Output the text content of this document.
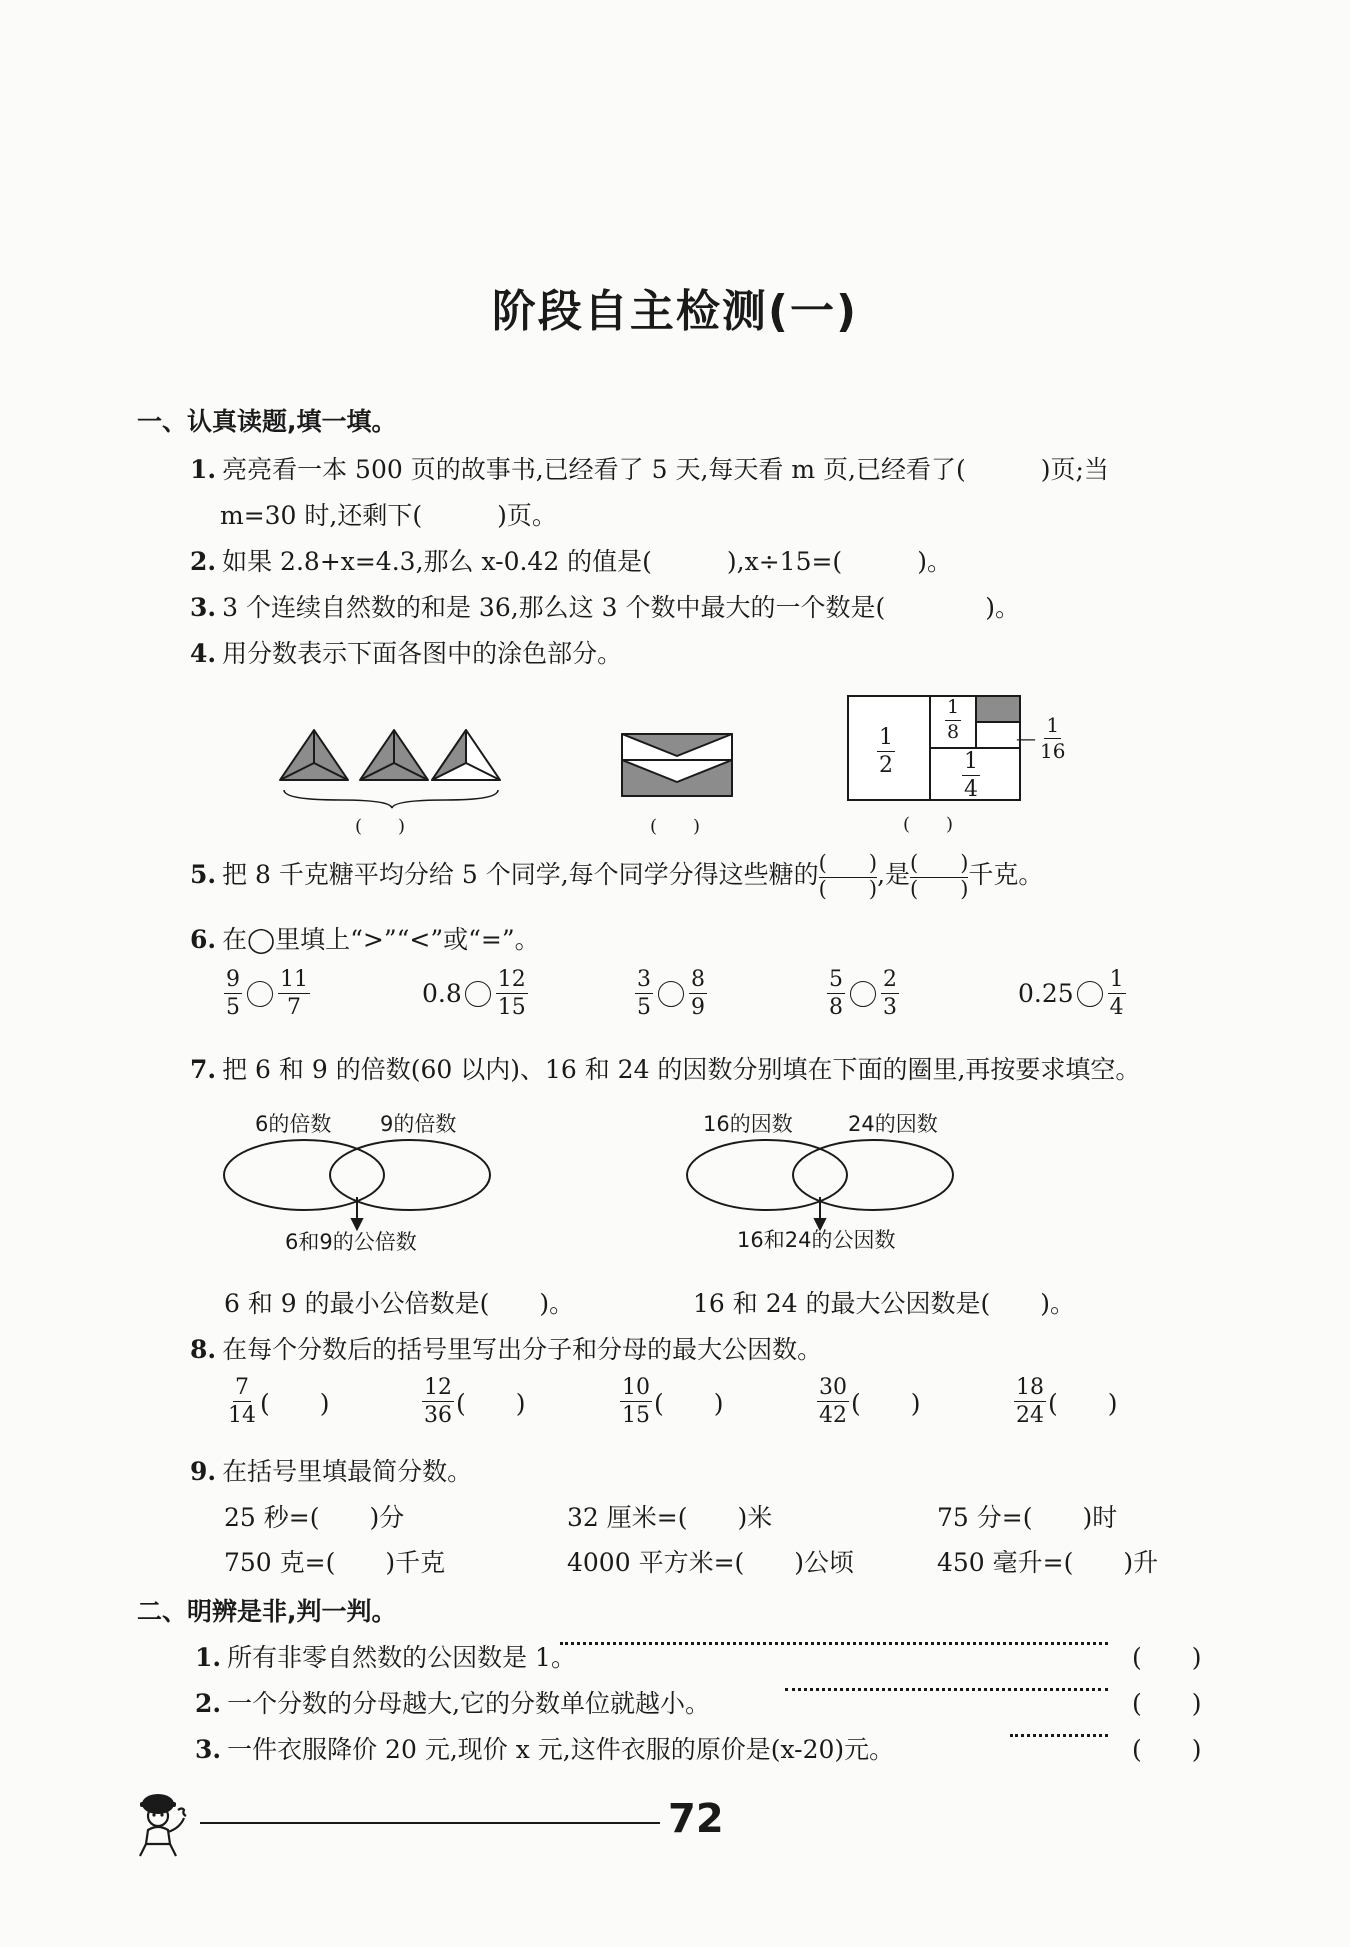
阶段自主检测(一)
一、认真读题,填一填。
1. 亮亮看一本 500 页的故事书,已经看了 5 天,每天看 m 页,已经看了(　　　)页;当
m=30 时,还剩下(　　　)页。
2. 如果 2.8+x=4.3,那么 x-0.42 的值是(　　　),x÷15=(　　　)。
3. 3 个连续自然数的和是 36,那么这 3 个数中最大的一个数是(　　　　)。
4. 用分数表示下面各图中的涂色部分。
(　　)	(　　)
$\frac{1}{2}$
$\frac{1}{8}$
$\frac{1}{4}$
— $\frac{1}{16}$
(　　)
5. 把 8 千克糖平均分给 5 个同学,每个同学分得这些糖的 (　　)
(　　) ,是 (　　)
(　　) 千克。
6. 在◯里填上“>”“<”或“=”。
$\frac{9}{5} \frac{11}{7}$	$0.8 \frac{12}{15}$	$\frac{3}{5} \frac{8}{9}$	$\frac{5}{8} \frac{2}{3}$	$0.25 \frac{1}{4}$
7. 把 6 和 9 的倍数(60 以内)、16 和 24 的因数分别填在下面的圈里,再按要求填空。
6的倍数 9的倍数
6和9的公倍数
16的因数	24的因数
16和24的公因数
6 和 9 的最小公倍数是(　　)。	16 和 24 的最大公因数是(　　)。
8. 在每个分数后的括号里写出分子和分母的最大公因数。
$\frac{7}{14}$ (　　)	$\frac{12}{36}$ (　　)	$\frac{10}{15}$ (　　)	$\frac{30}{42}$ (　　)	$\frac{18}{24}$ (　　)
9. 在括号里填最简分数。
25 秒=(　　)分	32 厘米=(　　)米	75 分=(　　)时
750 克=(　　)千克	4000 平方米=(　　)公顷	450 毫升=(　　)升
二、明辨是非,判一判。
1. 所有非零自然数的公因数是 1。	(　　)
2. 一个分数的分母越大,它的分数单位就越小。	(　　)
3. 一件衣服降价 20 元,现价 x 元,这件衣服的原价是(x-20)元。	(　　)
72
